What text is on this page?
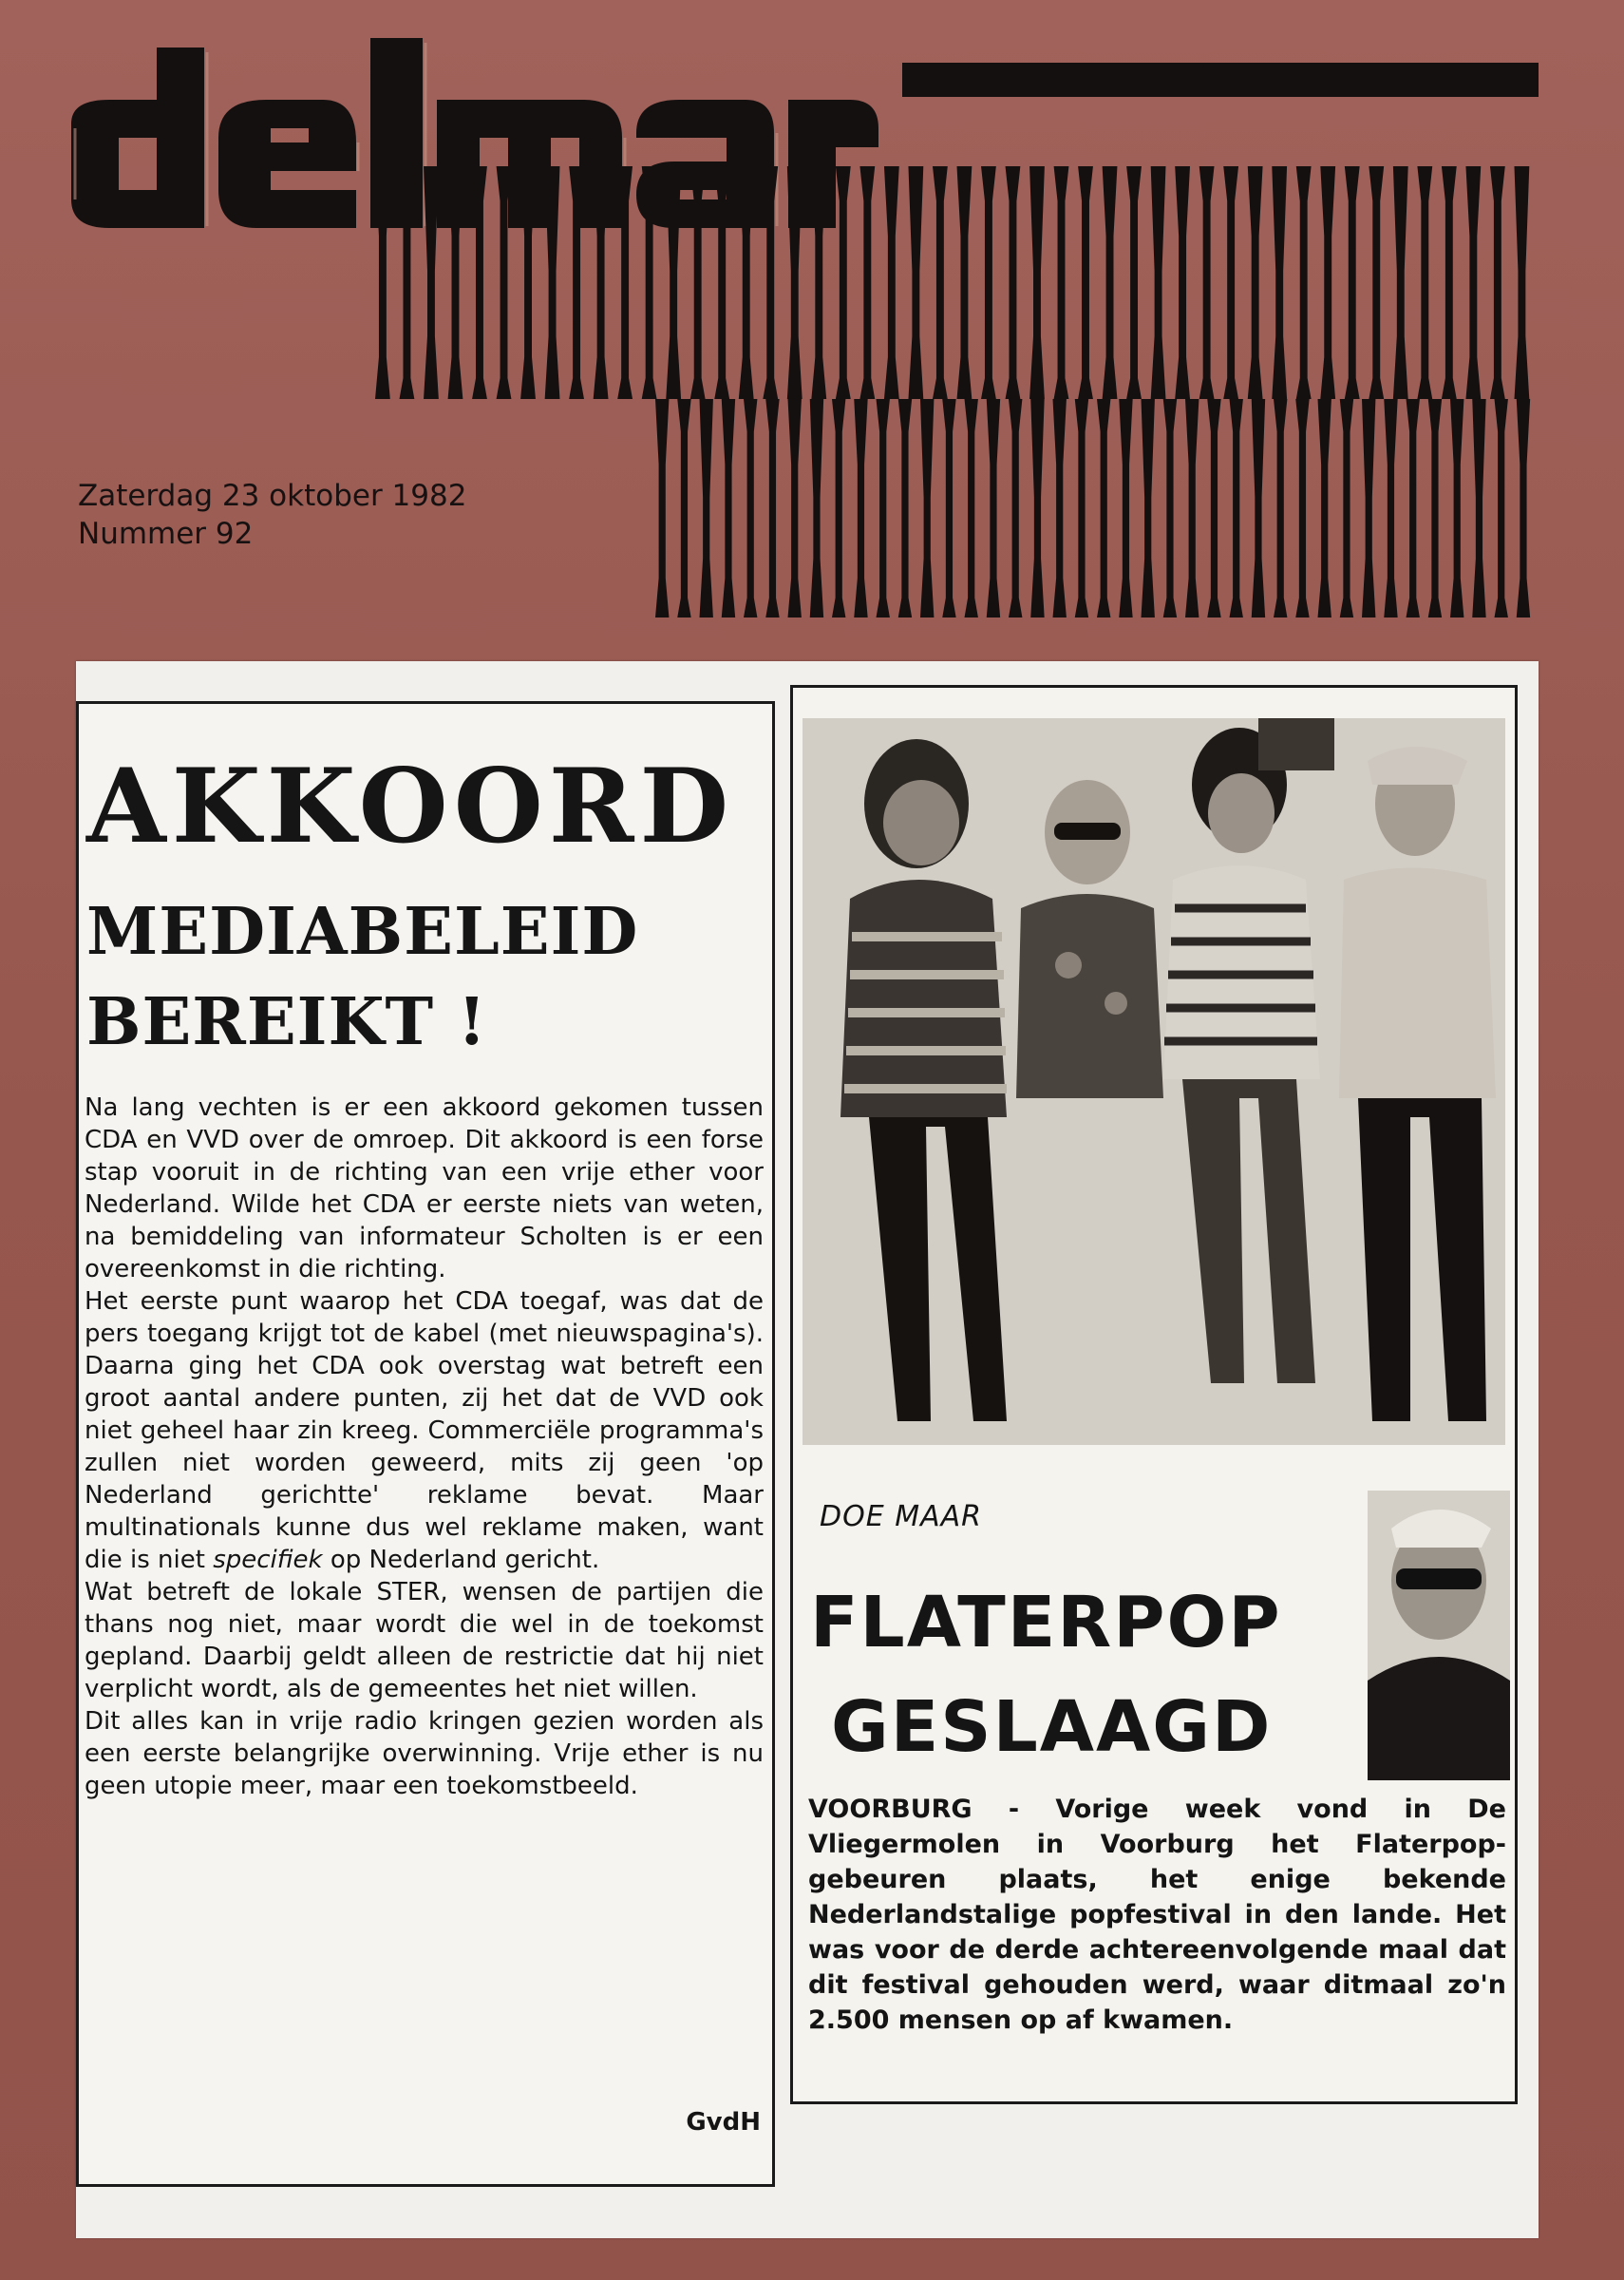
Zaterdag 23 oktober 1982
Nummer 92
AKKOORD
MEDIABELEID
BEREIKT !

Na lang vechten is er een akkoord gekomen tussen CDA en VVD over de omroep. Dit akkoord is een forse stap vooruit in de richting van een vrije ether voor Nederland. Wilde het CDA er eerste niets van weten, na bemiddeling van informateur Scholten is er een overeenkomst in die richting.

Het eerste punt waarop het CDA toegaf, was dat de pers toegang krijgt tot de kabel (met nieuwspagina's). Daarna ging het CDA ook overstag wat betreft een groot aantal andere punten, zij het dat de VVD ook niet geheel haar zin kreeg. Commerciële programma's zullen niet worden geweerd, mits zij geen 'op Nederland gerichtte' reklame bevat. Maar multinationals kunne dus wel reklame maken, want die is niet specifiek op Nederland gericht.

Wat betreft de lokale STER, wensen de partijen die thans nog niet, maar wordt die wel in de toekomst gepland. Daarbij geldt alleen de restrictie dat hij niet verplicht wordt, als de gemeentes het niet willen.

Dit alles kan in vrije radio kringen gezien worden als een eerste belangrijke overwinning. Vrije ether is nu geen utopie meer, maar een toekomstbeeld.

GvdH
DOE MAAR
FLATERPOP
GESLAAGD

VOORBURG - Vorige week vond in De Vliegermolen in Voorburg het Flaterpop-gebeuren plaats, het enige bekende Nederlandstalige popfestival in den lande. Het was voor de derde achtereenvolgende maal dat dit festival gehouden werd, waar ditmaal zo'n 2.500 mensen op af kwamen.
